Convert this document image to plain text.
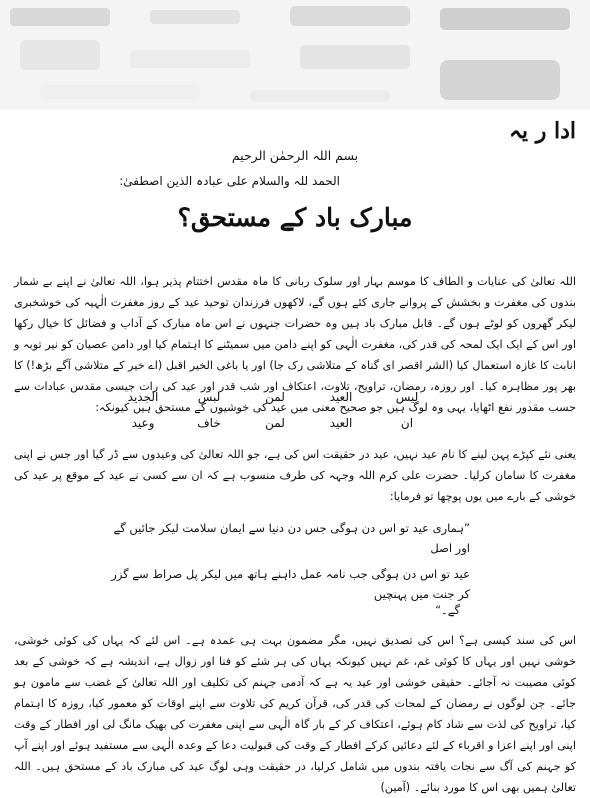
ادا ر یہ
بسم اللہ الرحمٰن الرحیم
الحمد للہ والسلام علی عبادہ الذین اصطفیٰ:
مبارک باد کے مستحق؟
اللہ تعالیٰ کی عنایات و الطاف کا موسم بہار اور سلوک ربانی کا ماہ مقدس اختتام پذیر ہوا، اللہ تعالیٰ نے اپنے بے شمار بندوں کی مغفرت و بخشش کے پروانے جاری کئے ہوں گے، لاکھوں فرزندان توحید عید کے روز مغفرت الٰہیہ کی خوشخبری لیکر گھروں کو لوٹے ہوں گے۔ قابل مبارک باد ہیں وہ حضرات جنہوں نے اس ماہ مبارک کے آداب و فضائل کا خیال رکھا اور اس کے ایک ایک لمحہ کی قدر کی، مغفرت الٰہی کو اپنے دامن میں سمیٹنے کا اہتمام کیا اور دامن عصیان کو نیر توبہ و انابت کا غازہ استعمال کیا (الشر اقصر ای گناہ کے متلاشی رک جا) اور یا باغی الخیر اقبل (اے خیر کے متلاشی آگے بڑھ!) کا بھر پور مظاہرہ کیا۔ اور روزہ، رمضان، تراویح، تلاوت، اعتکاف اور شب قدر اور عید کی رات جیسی مقدس عبادات سے حسب مقدور نفع اٹھایا، یہی وہ لوگ ہیں جو صحیح معنی میں عید کی خوشیوں کے مستحق ہیں کیونکہ:
لیسالعیدلمنلبسالجدید
انالعیدلمنخافوعید
یعنی نئے کپڑے پہن لینے کا نام عید نہیں، عید در حقیقت اس کی ہے، جو اللہ تعالیٰ کی وعیدوں سے ڈر گیا اور جس نے اپنی مغفرت کا سامان کرلیا۔ حضرت علی کرم اللہ وجہہ کی طرف منسوب ہے کہ ان سے کسی نے عید کے موقع پر عید کی خوشی کے بارے میں یوں پوچھا تو فرمایا:
”ہماری عید تو اس دن ہوگی جس دن دنیا سے ایمان سلامت لیکر جائیں گے اور اصل
عید تو اس دن ہوگی جب نامہ عمل داہنے ہاتھ میں لیکر پل صراط سے گزر کر جنت میں پہنچیں
گے۔“
اس کی سند کیسی ہے؟ اس کی تصدیق نہیں، مگر مضمون بہت ہی عمدہ ہے۔ اس لئے کہ یہاں کی کوئی خوشی، خوشی نہیں اور یہاں کا کوئی غم، غم نہیں کیونکہ یہاں کی ہر شئے کو فنا اور زوال ہے، اندیشہ ہے کہ خوشی کے بعد کوئی مصیبت نہ آجائے۔ حقیقی خوشی اور عید یہ ہے کہ آدمی جہنم کی تکلیف اور اللہ تعالیٰ کے غضب سے مامون ہو جائے۔ جن لوگوں نے رمضان کے لمحات کی قدر کی، قرآن کریم کی تلاوت سے اپنے اوقات کو معمور کیا، روزہ کا اہتمام کیا، تراویح کی لذت سے شاد کام ہوئے، اعتکاف کر کے بار گاہ الٰہی سے اپنی مغفرت کی بھیک مانگ لی اور افطار کے وقت اپنی اور اپنے اعزا و اقرباء کے لئے دعائیں کرکے افطار کے وقت کی قبولیت دعا کے وعدہ الٰہی سے مستفید ہوئے اور اپنے آپ کو جہنم کی آگ سے نجات یافتہ بندوں میں شامل کرلیا، در حقیقت وہی لوگ عید کی مبارک باد کے مستحق ہیں۔ اللہ تعالیٰ ہمیں بھی اس کا مورد بنائے۔ (آمین)
